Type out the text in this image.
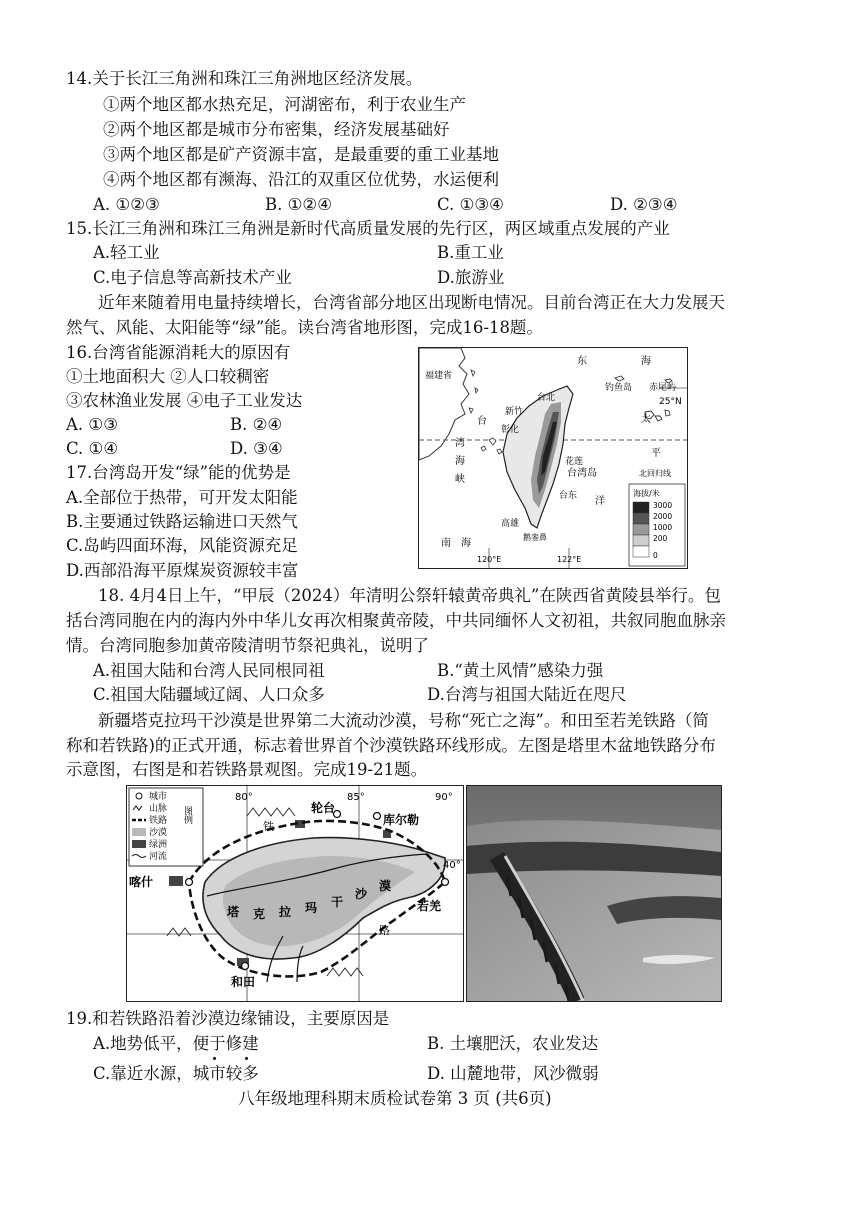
14.关于长江三角洲和珠江三角洲地区经济发展。
①两个地区都水热充足，河湖密布，利于农业生产
②两个地区都是城市分布密集，经济发展基础好
③两个地区都是矿产资源丰富，是最重要的重工业基地
④两个地区都有濒海、沿江的双重区位优势，水运便利
A. ①②③	B. ①②④	C. ①③④	D. ②③④
15.长江三角洲和珠江三角洲是新时代高质量发展的先行区，两区域重点发展的产业
A.轻工业	B.重工业
C.电子信息等高新技术产业	D.旅游业
近年来随着用电量持续增长，台湾省部分地区出现断电情况。目前台湾正在大力发展天
然气、风能、太阳能等“绿”能。读台湾省地形图，完成16-18题。
16.台湾省能源消耗大的原因有
①土地面积大 ②人口较稠密
③农林渔业发展 ④电子工业发达
A. ①③	B. ②④
C. ①④	D. ③④
17.台湾岛开发“绿”能的优势是
A.全部位于热带，可开发太阳能
B.主要通过铁路运输进口天然气
C.岛屿四面环海，风能资源充足
D.西部沿海平原煤炭资源较丰富
福建省
东	海
钓鱼岛 赤尾屿
台北	25°N
新竹
台
彰化
太
湾
海
峡
花莲
平
台湾岛	北回归线
洋
台东
高雄
南 海
鹅銮鼻
120°E	122°E
海拔/米
3000
2000
1000
200
0
18. 4月4日上午，“甲辰（2024）年清明公祭轩辕黄帝典礼”在陕西省黄陵县举行。包
括台湾同胞在内的海内外中华儿女再次相聚黄帝陵，中共同缅怀人文初祖，共叙同胞血脉亲
情。台湾同胞参加黄帝陵清明节祭祀典礼，说明了
A.祖国大陆和台湾人民同根同祖	B.“黄土风情”感染力强
C.祖国大陆疆域辽阔、人口众多	D.台湾与祖国大陆近在咫尺
新疆塔克拉玛干沙漠是世界第二大流动沙漠，号称“死亡之海”。和田至若羌铁路（简
称和若铁路)的正式开通，标志着世界首个沙漠铁路环线形成。左图是塔里木盆地铁路分布
示意图，右图是和若铁路景观图。完成19-21题。
城市
山脉
铁路
沙漠
绿洲
河流
图例
80°	85°	90°
40°
轮台
库尔勒
铁
喀什
若羌
和田
路
塔 克 拉 玛 干
沙
漠
19.和若铁路沿着沙漠边缘铺设，主要原因是
A.地势低平，便于修建	B. 土壤肥沃，农业发达
C.靠近水源，城市较多	D. 山麓地带，风沙微弱
八年级地理科期末质检试卷第 3 页 (共6页)
